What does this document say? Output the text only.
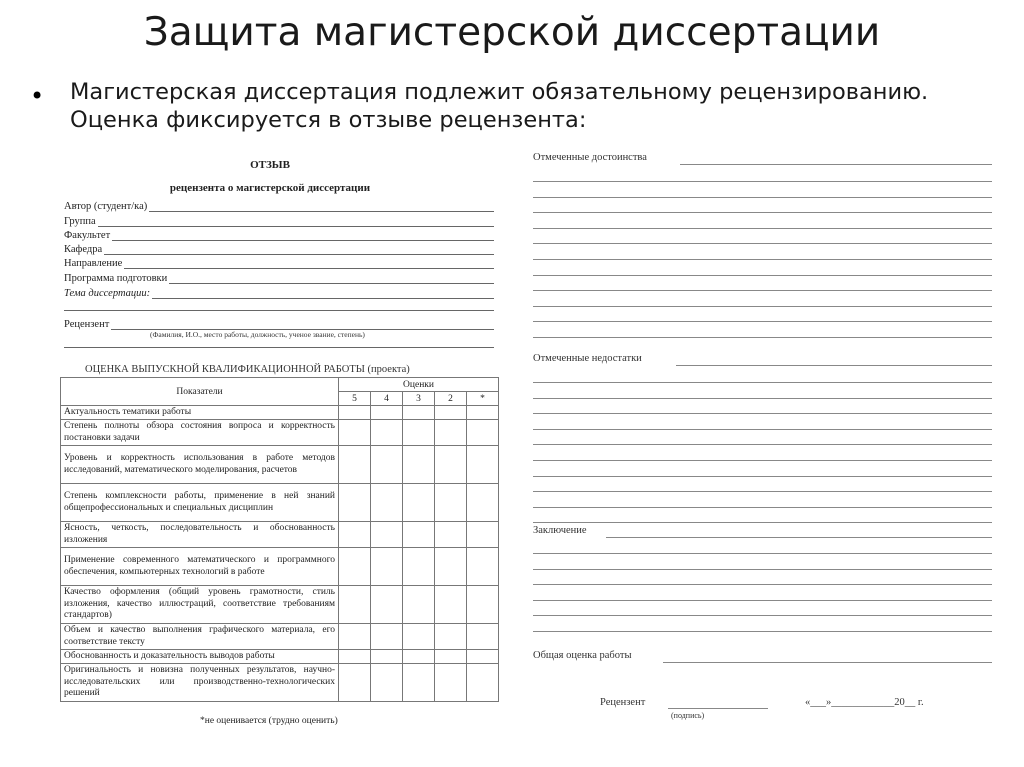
Защита магистерской диссертации
• Магистерская диссертация подлежит обязательному рецензированию. Оценка фиксируется в отзыве рецензента:
ОТЗЫВ
рецензента о магистерской диссертации
Автор (студент/ка)
Группа
Факультет
Кафедра
Направление
Программа подготовки
Тема диссертации:
Рецензент
(Фамилия, И.О., место работы, должность, ученое звание, степень)
ОЦЕНКА ВЫПУСКНОЙ КВАЛИФИКАЦИОННОЙ РАБОТЫ (проекта)
Показатели	Оценки				
	5	4	3	2	*
Актуальность тематики работы					
Степень полноты обзора состояния вопроса и корректность постановки задачи					
Уровень и корректность использования в работе методов исследований, математического моделирования, расчетов					
Степень комплексности работы, применение в ней знаний общепрофессиональных и специальных дисциплин					
Ясность, четкость, последовательность и обоснованность изложения					
Применение современного математического и программного обеспечения, компьютерных технологий в работе					
Качество оформления (общий уровень грамотности, стиль изложения, качество иллюстраций, соответствие требованиям стандартов)					
Объем и качество выполнения графического материала, его соответствие тексту					
Обоснованность и доказательность выводов работы					
Оригинальность и новизна полученных результатов, научно-исследовательских или производственно-технологических решений					
*не оценивается (трудно оценить)
Отмеченные достоинства
Отмеченные недостатки
Заключение
Общая оценка работы
Рецензент
(подпись)
«___»____________20__ г.
